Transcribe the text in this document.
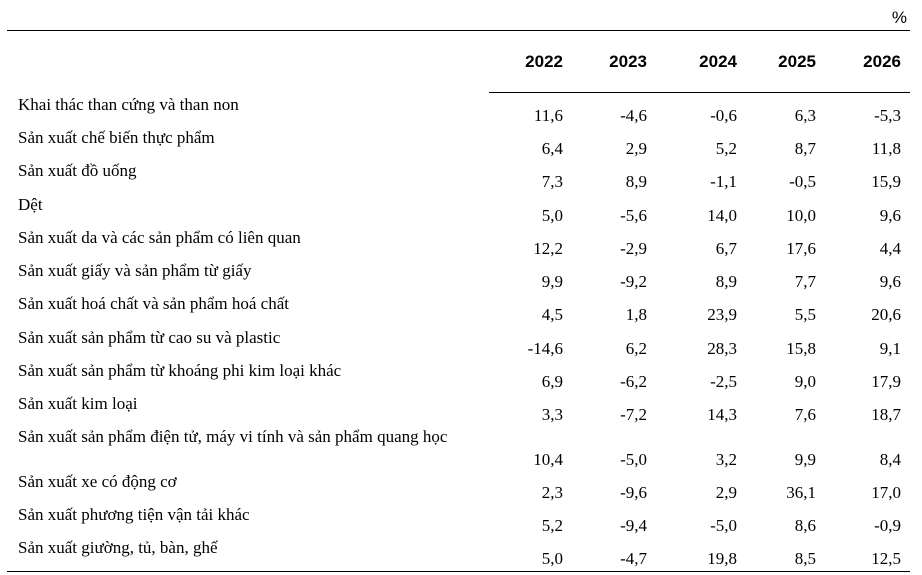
%
2022	2023	2024	2025	2026
Khai thác than cứng và than non
11,6	-4,6	-0,6	6,3	-5,3
Sản xuất chế biến thực phẩm
6,4	2,9	5,2	8,7	11,8
Sản xuất đồ uống
7,3	8,9	-1,1	-0,5	15,9
Dệt
5,0	-5,6	14,0	10,0	9,6
Sản xuất da và các sản phẩm có liên quan
12,2	-2,9	6,7	17,6	4,4
Sản xuất giấy và sản phẩm từ giấy
9,9	-9,2	8,9	7,7	9,6
Sản xuất hoá chất và sản phẩm hoá chất
4,5	1,8	23,9	5,5	20,6
Sản xuất sản phẩm từ cao su và plastic
-14,6	6,2	28,3	15,8	9,1
Sản xuất sản phẩm từ khoáng phi kim loại khác
6,9	-6,2	-2,5	9,0	17,9
Sản xuất kim loại
3,3	-7,2	14,3	7,6	18,7
Sản xuất sản phẩm điện tử, máy vi tính và sản phẩm quang học
10,4	-5,0	3,2	9,9	8,4
Sản xuất xe có động cơ
2,3	-9,6	2,9	36,1	17,0
Sản xuất phương tiện vận tải khác
5,2	-9,4	-5,0	8,6	-0,9
Sản xuất giường, tủ, bàn, ghế
5,0	-4,7	19,8	8,5	12,5
